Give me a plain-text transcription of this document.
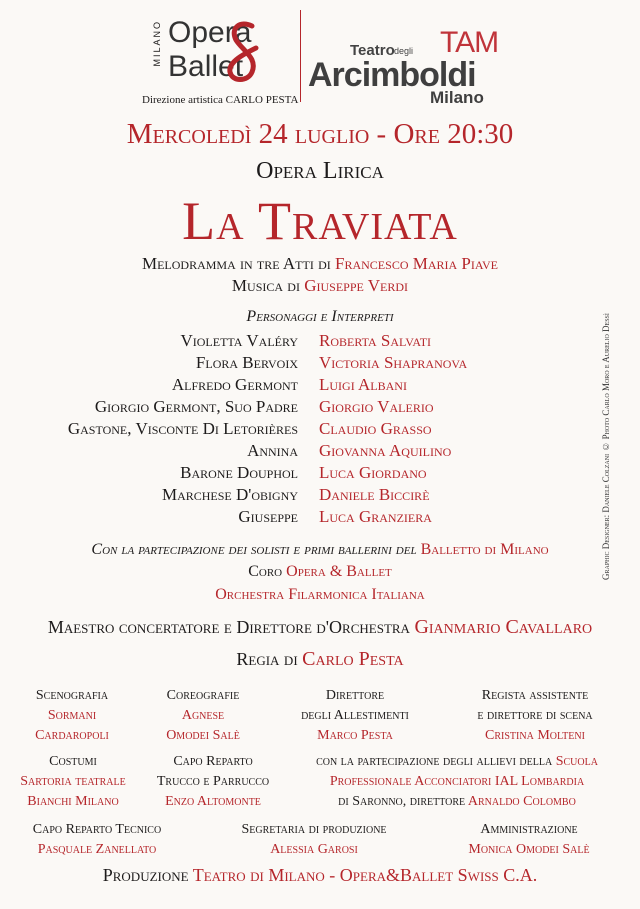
MILANO Opera
Ballet
Direzione artistica CARLO PESTA
Teatro degli TAM
Arcimboldi
Milano
Mercoledì 24 luglio - Ore 20:30
Opera Lirica
La Traviata
Melodramma in tre Atti di Francesco Maria Piave
Musica di Giuseppe Verdi
Personaggi e Interpreti
Violetta Valéry Roberta Salvati
Flora Bervoix Victoria Shapranova
Alfredo Germont Luigi Albani
Giorgio Germont, Suo Padre Giorgio Valerio
Gastone, Visconte Di Letorières Claudio Grasso
Annina Giovanna Aquilino
Barone Douphol Luca Giordano
Marchese D'obigny Daniele Biccirè
Giuseppe Luca Granziera
Con la partecipazione dei solisti e primi ballerini del Balletto di Milano
Coro Opera & Ballet
Orchestra Filarmonica Italiana
Maestro concertatore e Direttore d'Orchestra Gianmario Cavallaro
Regia di Carlo Pesta
Scenografia
Sormani
Cardaropoli
Coreografie
Agnese
Omodei Salè
Direttore
degli Allestimenti
Marco Pesta
Regista assistente
e direttore di scena
Cristina Molteni
Costumi
Sartoria teatrale
Bianchi Milano
Capo Reparto
Trucco e Parrucco
Enzo Altomonte
con la partecipazione degli allievi della Scuola
Professionale Acconciatori IAL Lombardia
di Saronno, direttore Arnaldo Colombo
Capo Reparto Tecnico
Pasquale Zanellato
Segretaria di produzione
Alessia Garosi
Amministrazione
Monica Omodei Salè
Produzione Teatro di Milano - Opera&Ballet Swiss C.A.
Graphic Designer: Daniele Colzani © Photo Carlo Moro e Aurelio Dessì
